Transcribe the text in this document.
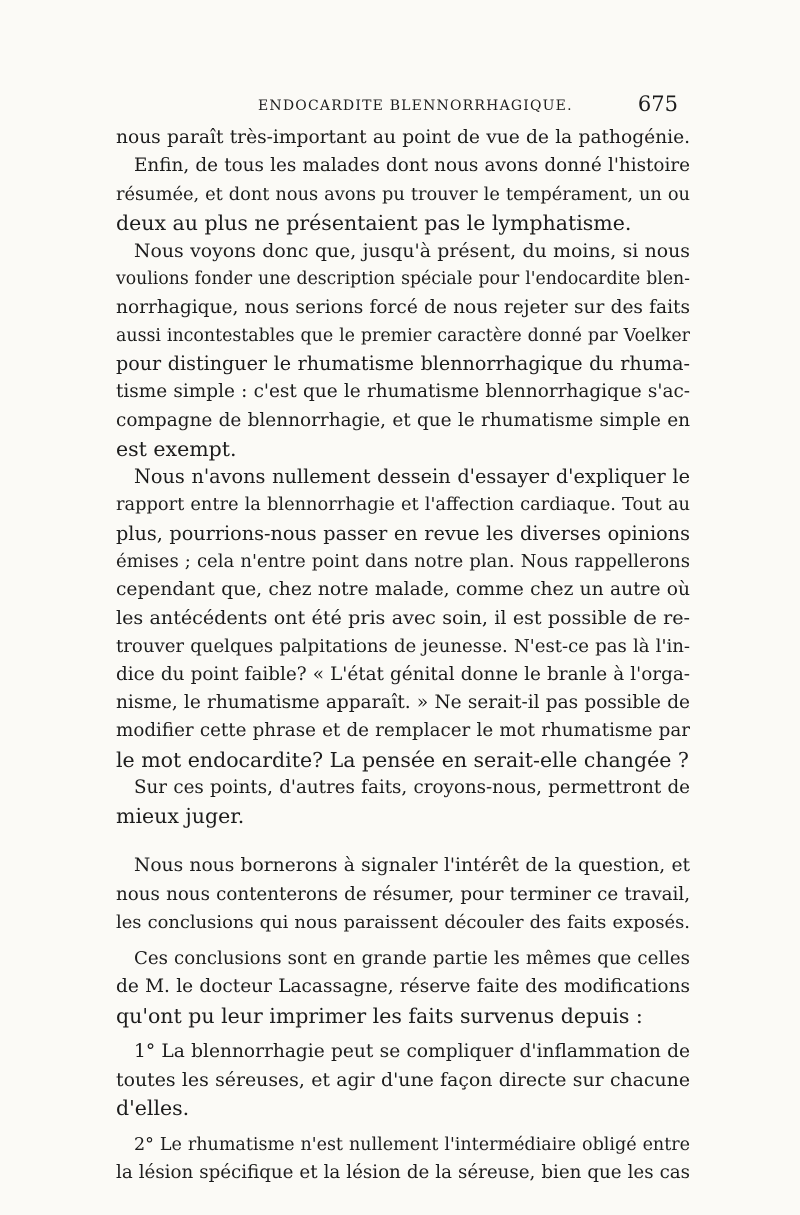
ENDOCARDITE BLENNORRHAGIQUE.	675
nous paraît très-important au point de vue de la pathogénie.
Enfin, de tous les malades dont nous avons donné l'histoire
résumée, et dont nous avons pu trouver le tempérament, un ou
deux au plus ne présentaient pas le lymphatisme.
Nous voyons donc que, jusqu'à présent, du moins, si nous
voulions fonder une description spéciale pour l'endocardite blen-
norrhagique, nous serions forcé de nous rejeter sur des faits
aussi incontestables que le premier caractère donné par Voelker
pour distinguer le rhumatisme blennorrhagique du rhuma-
tisme simple : c'est que le rhumatisme blennorrhagique s'ac-
compagne de blennorrhagie, et que le rhumatisme simple en
est exempt.
Nous n'avons nullement dessein d'essayer d'expliquer le
rapport entre la blennorrhagie et l'affection cardiaque. Tout au
plus, pourrions-nous passer en revue les diverses opinions
émises ; cela n'entre point dans notre plan. Nous rappellerons
cependant que, chez notre malade, comme chez un autre où
les antécédents ont été pris avec soin, il est possible de re-
trouver quelques palpitations de jeunesse. N'est-ce pas là l'in-
dice du point faible? « L'état génital donne le branle à l'orga-
nisme, le rhumatisme apparaît. » Ne serait-il pas possible de
modifier cette phrase et de remplacer le mot rhumatisme par
le mot endocardite? La pensée en serait-elle changée ?
Sur ces points, d'autres faits, croyons-nous, permettront de
mieux juger.
Nous nous bornerons à signaler l'intérêt de la question, et
nous nous contenterons de résumer, pour terminer ce travail,
les conclusions qui nous paraissent découler des faits exposés.
Ces conclusions sont en grande partie les mêmes que celles
de M. le docteur Lacassagne, réserve faite des modifications
qu'ont pu leur imprimer les faits survenus depuis :
1° La blennorrhagie peut se compliquer d'inflammation de
toutes les séreuses, et agir d'une façon directe sur chacune
d'elles.
2° Le rhumatisme n'est nullement l'intermédiaire obligé entre
la lésion spécifique et la lésion de la séreuse, bien que les cas
